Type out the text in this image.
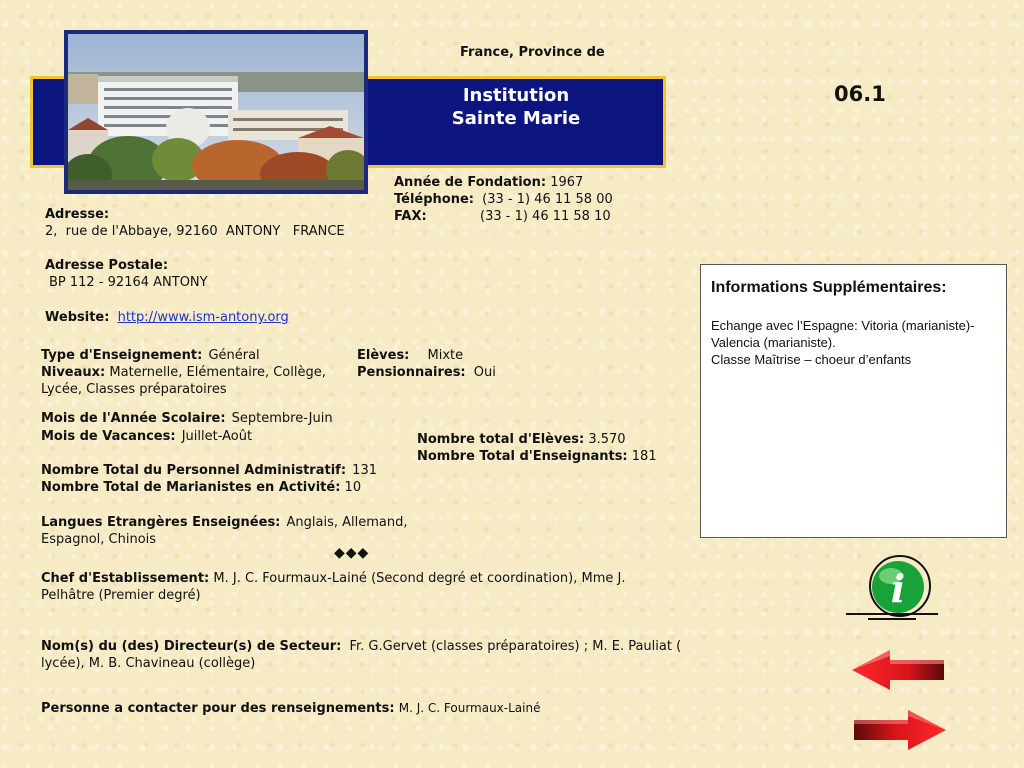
France, Province de
Institution
Sainte Marie
06.1
Année de Fondation: 1967
Téléphone: (33 - 1) 46 11 58 00
FAX:	(33 - 1) 46 11 58 10
Adresse:
2,  rue de l'Abbaye, 92160  ANTONY   FRANCE
Adresse Postale:
BP 112 - 92164 ANTONY
Website: http://www.ism-antony.org
Type d'Enseignement: Général	Elèves: Mixte
Niveaux: Maternelle, Elémentaire, Collège,
Lycée, Classes préparatoires
Pensionnaires: Oui
Mois de l'Année Scolaire: Septembre-Juin
Mois de Vacances: Juillet-Août	Nombre total d'Elèves: 3.570
Nombre Total d'Enseignants: 181
Nombre Total du Personnel Administratif: 131
Nombre Total de Marianistes en Activité: 10
Langues Etrangères Enseignées: Anglais, Allemand,
Espagnol, Chinois
◆◆◆
Chef d'Establissement: M. J. C. Fourmaux-Lainé (Second degré et coordination), Mme J.
Pelhâtre (Premier degré)
Nom(s) du (des) Directeur(s) de Secteur: Fr. G.Gervet (classes préparatoires) ; M. E. Pauliat (
lycée), M. B. Chavineau (collège)
Personne a contacter pour des renseignements: M. J. C. Fourmaux-Lainé
Informations Supplémentaires:

Echange avec l’Espagne: Vitoria (marianiste)-

Valencia (marianiste).

Classe Maîtrise – choeur d’enfants

i
